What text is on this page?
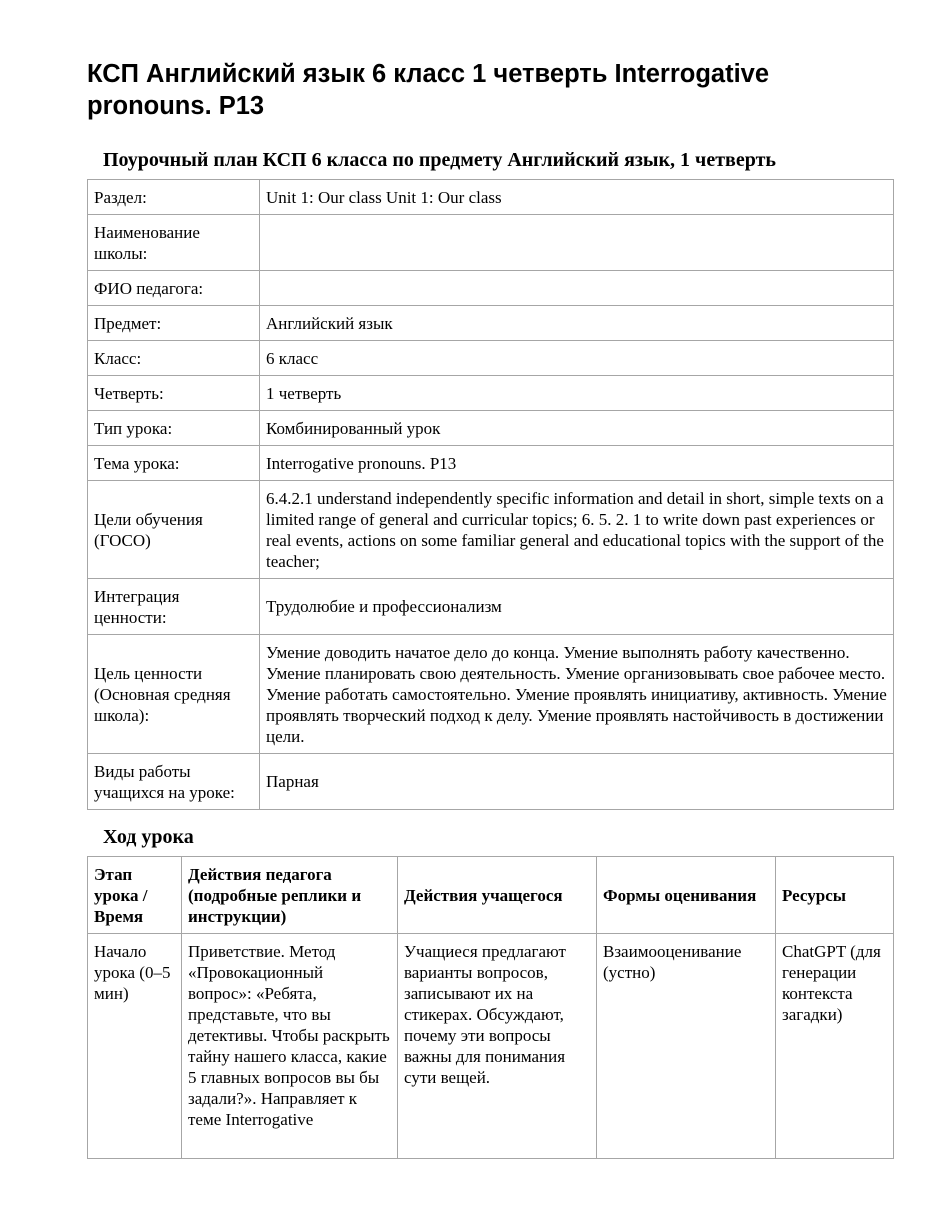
КСП Английский язык 6 класс 1 четверть Interrogative pronouns. P13
Поурочный план КСП 6 класса по предмету Английский язык, 1 четверть
Раздел:	Unit 1: Our class Unit 1: Our class
Наименование школы:	
ФИО педагога:	
Предмет:	Английский язык
Класс:	6 класс
Четверть:	1 четверть
Тип урока:	Комбинированный урок
Тема урока:	Interrogative pronouns. P13
Цели обучения (ГОСО)	6.4.2.1 understand independently specific information and detail in short, simple texts on a limited range of general and curricular topics; 6. 5. 2. 1 to write down past experiences or real events, actions on some familiar general and educational topics with the support of the teacher;
Интеграция ценности:	Трудолюбие и профессионализм
Цель ценности (Основная средняя школа):	Умение доводить начатое дело до конца. Умение выполнять работу качественно. Умение планировать свою деятельность. Умение организовывать свое рабочее место. Умение работать самостоятельно. Умение проявлять инициативу, активность. Умение проявлять творческий подход к делу. Умение проявлять настойчивость в достижении цели.
Виды работы учащихся на уроке:	Парная
Ход урока
Этап урока / Время	Действия педагога (подробные реплики и инструкции)	Действия учащегося	Формы оценивания	Ресурсы
Начало урока (0–5 мин)	Приветствие. Метод «Провокационный вопрос»: «Ребята, представьте, что вы детективы. Чтобы раскрыть тайну нашего класса, какие 5 главных вопросов вы бы задали?». Направляет к теме Interrogative	Учащиеся предлагают варианты вопросов, записывают их на стикерах. Обсуждают, почему эти вопросы важны для понимания сути вещей.	Взаимооценивание (устно)	ChatGPT (для генерации контекста загадки)
